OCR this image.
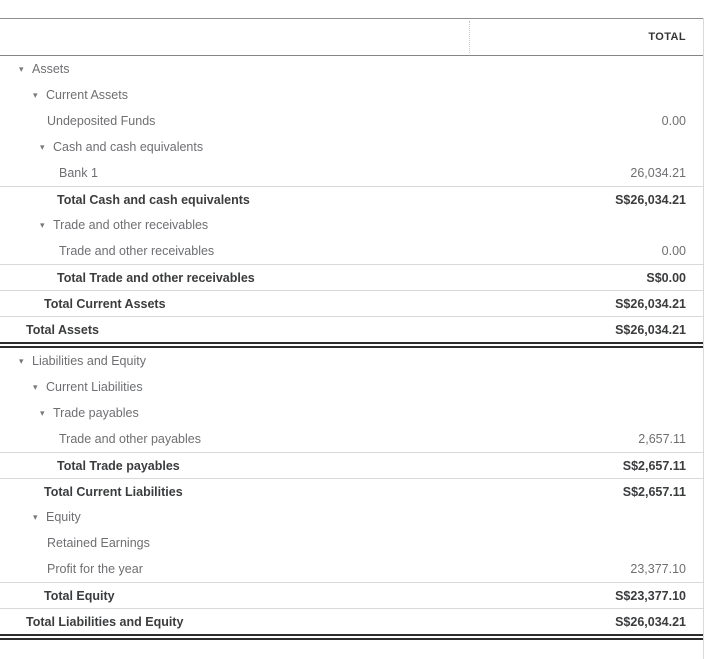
TOTAL
▾ Assets
▾ Current Assets
Undeposited Funds	0.00
▾ Cash and cash equivalents
Bank 1	26,034.21
Total Cash and cash equivalents	S$26,034.21
▾ Trade and other receivables
Trade and other receivables	0.00
Total Trade and other receivables	S$0.00
Total Current Assets	S$26,034.21
Total Assets	S$26,034.21
▾ Liabilities and Equity
▾ Current Liabilities
▾ Trade payables
Trade and other payables	2,657.11
Total Trade payables	S$2,657.11
Total Current Liabilities	S$2,657.11
▾ Equity
Retained Earnings
Profit for the year	23,377.10
Total Equity	S$23,377.10
Total Liabilities and Equity	S$26,034.21
